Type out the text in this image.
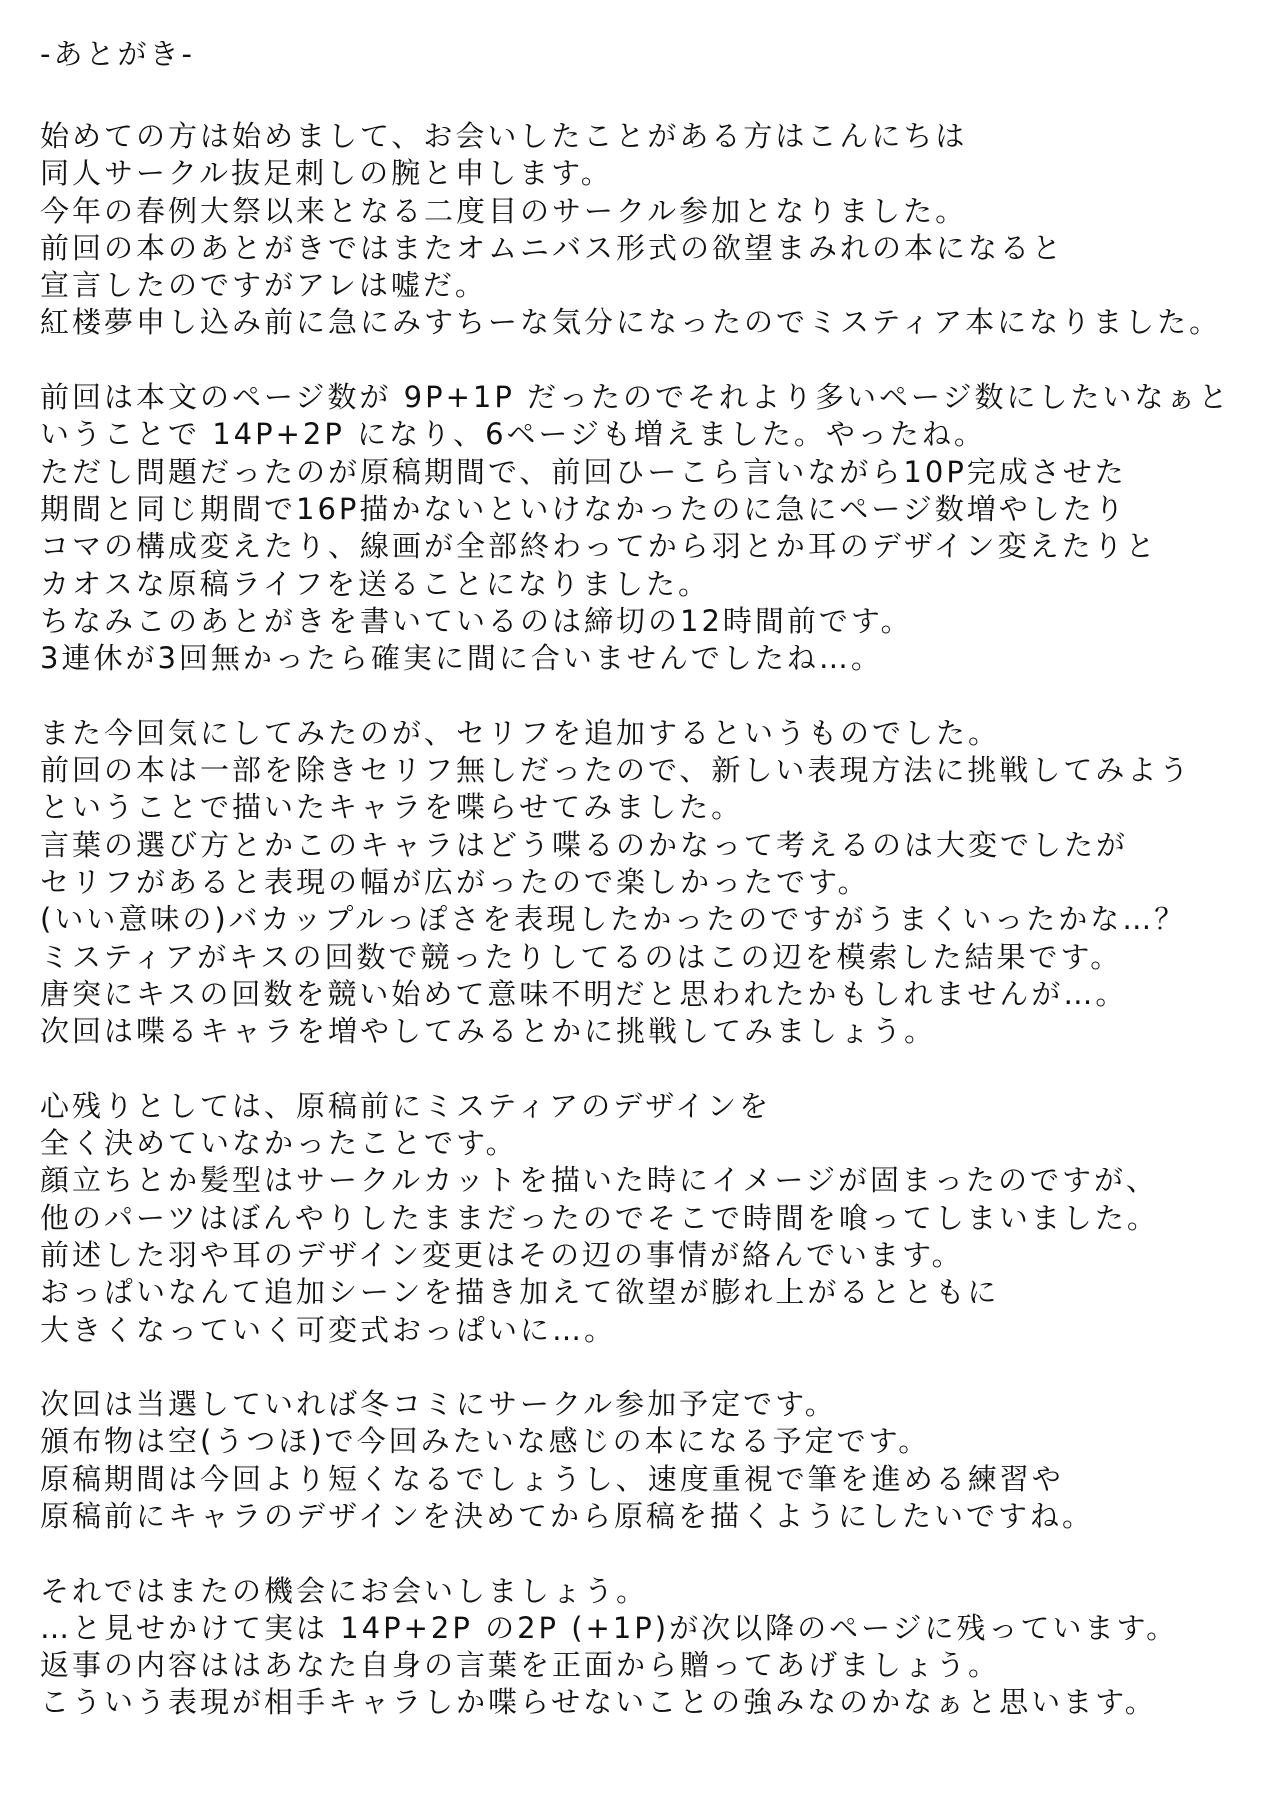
-あとがき-
始めての方は始めまして、お会いしたことがある方はこんにちは
同人サークル抜足刺しの腕と申します。
今年の春例大祭以来となる二度目のサークル参加となりました。
前回の本のあとがきではまたオムニバス形式の欲望まみれの本になると
宣言したのですがアレは嘘だ。
紅楼夢申し込み前に急にみすちーな気分になったのでミスティア本になりました。
前回は本文のページ数が 9P+1P だったのでそれより多いページ数にしたいなぁと
いうことで 14P+2P になり、6ページも増えました。やったね。
ただし問題だったのが原稿期間で、前回ひーこら言いながら10P完成させた
期間と同じ期間で16P描かないといけなかったのに急にページ数増やしたり
コマの構成変えたり、線画が全部終わってから羽とか耳のデザイン変えたりと
カオスな原稿ライフを送ることになりました。
ちなみこのあとがきを書いているのは締切の12時間前です。
3連休が3回無かったら確実に間に合いませんでしたね…。
また今回気にしてみたのが、セリフを追加するというものでした。
前回の本は一部を除きセリフ無しだったので、新しい表現方法に挑戦してみよう
ということで描いたキャラを喋らせてみました。
言葉の選び方とかこのキャラはどう喋るのかなって考えるのは大変でしたが
セリフがあると表現の幅が広がったので楽しかったです。
(いい意味の)バカップルっぽさを表現したかったのですがうまくいったかな…？
ミスティアがキスの回数で競ったりしてるのはこの辺を模索した結果です。
唐突にキスの回数を競い始めて意味不明だと思われたかもしれませんが…。
次回は喋るキャラを増やしてみるとかに挑戦してみましょう。
心残りとしては、原稿前にミスティアのデザインを
全く決めていなかったことです。
顔立ちとか髪型はサークルカットを描いた時にイメージが固まったのですが、
他のパーツはぼんやりしたままだったのでそこで時間を喰ってしまいました。
前述した羽や耳のデザイン変更はその辺の事情が絡んでいます。
おっぱいなんて追加シーンを描き加えて欲望が膨れ上がるとともに
大きくなっていく可変式おっぱいに…。
次回は当選していれば冬コミにサークル参加予定です。
頒布物は空(うつほ)で今回みたいな感じの本になる予定です。
原稿期間は今回より短くなるでしょうし、速度重視で筆を進める練習や
原稿前にキャラのデザインを決めてから原稿を描くようにしたいですね。
それではまたの機会にお会いしましょう。
…と見せかけて実は 14P+2P の2P (+1P)が次以降のページに残っています。
返事の内容ははあなた自身の言葉を正面から贈ってあげましょう。
こういう表現が相手キャラしか喋らせないことの強みなのかなぁと思います。
